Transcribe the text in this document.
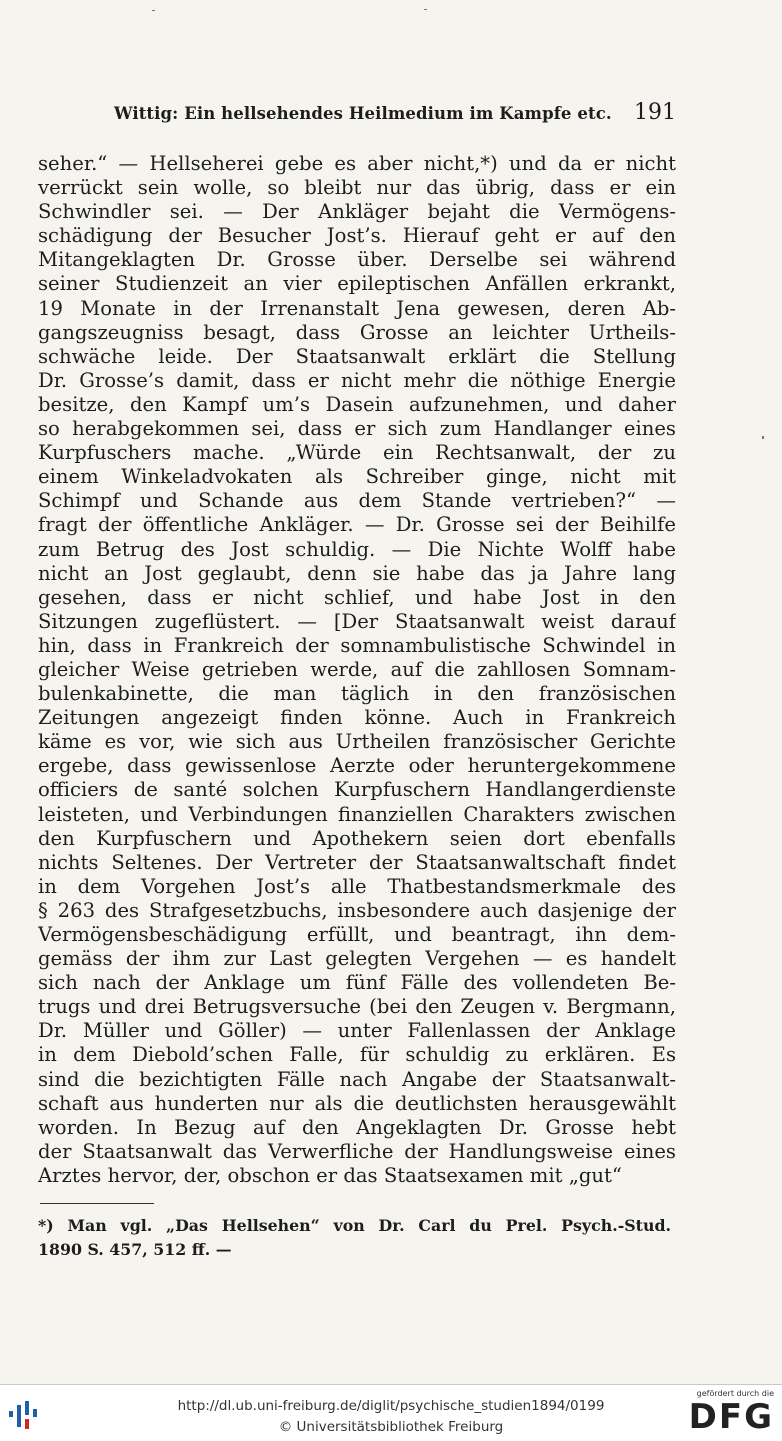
Wittig: Ein hellsehendes Heilmedium im Kampfe etc. 191
seher.“ — Hellseherei gebe es aber nicht,*) und da er nicht
verrückt sein wolle, so bleibt nur das übrig, dass er ein
Schwindler sei. — Der Ankläger bejaht die Vermögens-
schädigung der Besucher Jost’s. Hierauf geht er auf den
Mitangeklagten Dr. Grosse über. Derselbe sei während
seiner Studienzeit an vier epileptischen Anfällen erkrankt,
19 Monate in der Irrenanstalt Jena gewesen, deren Ab-
gangszeugniss besagt, dass Grosse an leichter Urtheils-
schwäche leide. Der Staatsanwalt erklärt die Stellung
Dr. Grosse’s damit, dass er nicht mehr die nöthige Energie
besitze, den Kampf um’s Dasein aufzunehmen, und daher
so herabgekommen sei, dass er sich zum Handlanger eines
Kurpfuschers mache. „Würde ein Rechtsanwalt, der zu
einem Winkeladvokaten als Schreiber ginge, nicht mit
Schimpf und Schande aus dem Stande vertrieben?“ —
fragt der öffentliche Ankläger. — Dr. Grosse sei der Beihilfe
zum Betrug des Jost schuldig. — Die Nichte Wolff habe
nicht an Jost geglaubt, denn sie habe das ja Jahre lang
gesehen, dass er nicht schlief, und habe Jost in den
Sitzungen zugeflüstert. — [Der Staatsanwalt weist darauf
hin, dass in Frankreich der somnambulistische Schwindel in
gleicher Weise getrieben werde, auf die zahllosen Somnam-
bulenkabinette, die man täglich in den französischen
Zeitungen angezeigt finden könne. Auch in Frankreich
käme es vor, wie sich aus Urtheilen französischer Gerichte
ergebe, dass gewissenlose Aerzte oder heruntergekommene
officiers de santé solchen Kurpfuschern Handlangerdienste
leisteten, und Verbindungen finanziellen Charakters zwischen
den Kurpfuschern und Apothekern seien dort ebenfalls
nichts Seltenes. Der Vertreter der Staatsanwaltschaft findet
in dem Vorgehen Jost’s alle Thatbestandsmerkmale des
§ 263 des Strafgesetzbuchs, insbesondere auch dasjenige der
Vermögensbeschädigung erfüllt, und beantragt, ihn dem-
gemäss der ihm zur Last gelegten Vergehen — es handelt
sich nach der Anklage um fünf Fälle des vollendeten Be-
trugs und drei Betrugsversuche (bei den Zeugen v. Bergmann,
Dr. Müller und Göller) — unter Fallenlassen der Anklage
in dem Diebold’schen Falle, für schuldig zu erklären. Es
sind die bezichtigten Fälle nach Angabe der Staatsanwalt-
schaft aus hunderten nur als die deutlichsten herausgewählt
worden. In Bezug auf den Angeklagten Dr. Grosse hebt
der Staatsanwalt das Verwerfliche der Handlungsweise eines
Arztes hervor, der, obschon er das Staatsexamen mit „gut“
*) Man vgl. „Das Hellsehen“ von Dr. Carl du Prel. Psych.-Stud.
1890 S. 457, 512 ff. —
http://dl.ub.uni-freiburg.de/diglit/psychische_studien1894/0199
© Universitätsbibliothek Freiburg
gefördert durch die
DFG
